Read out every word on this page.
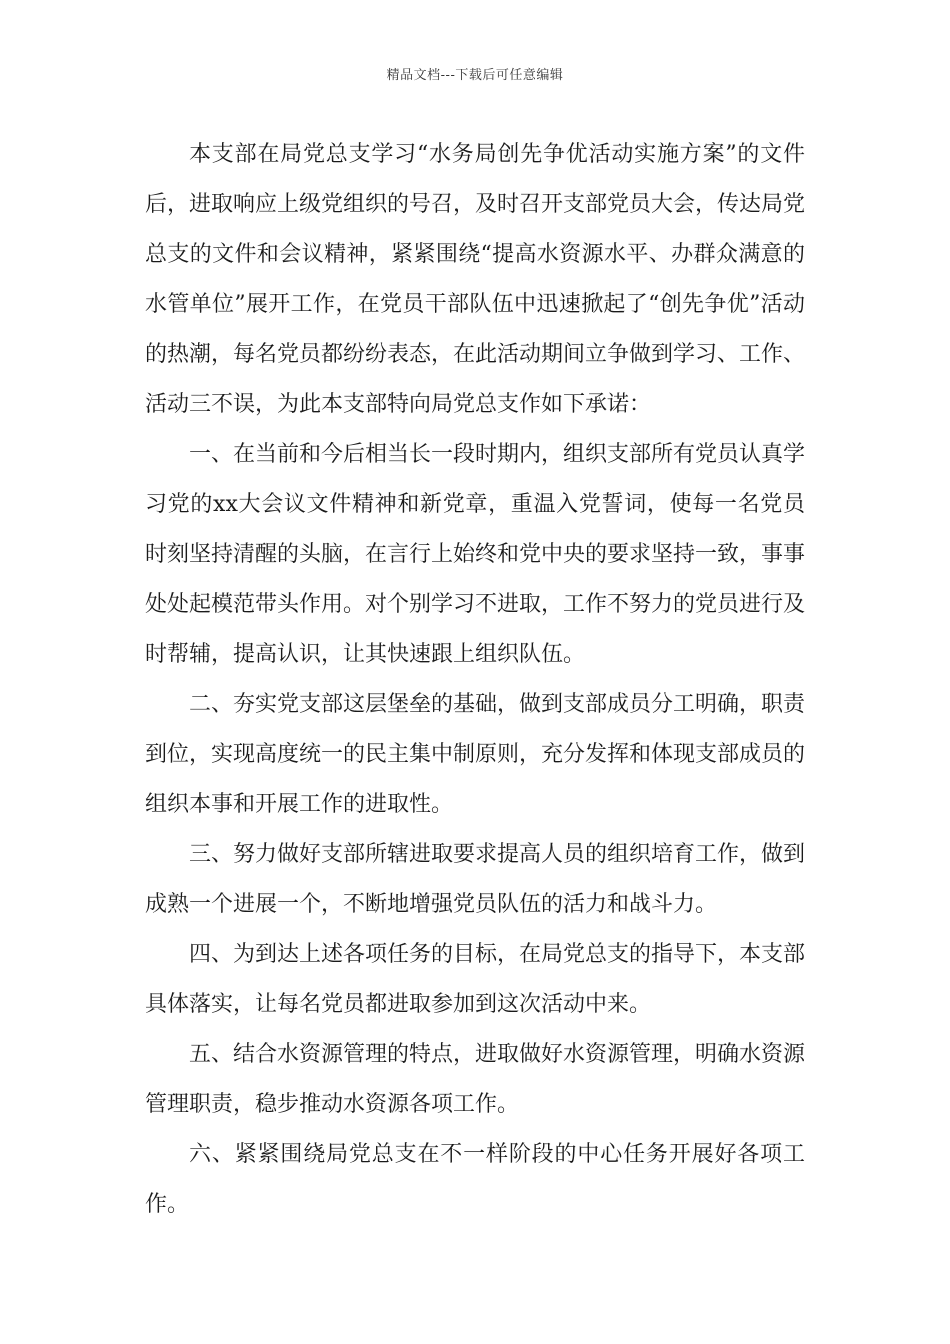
精品文档---下载后可任意编辑

本支部在局党总支学习“水务局创先争优活动实施方案”的文件后，进取响应上级党组织的号召，及时召开支部党员大会，传达局党总支的文件和会议精神，紧紧围绕“提高水资源水平、办群众满意的水管单位”展开工作，在党员干部队伍中迅速掀起了“创先争优”活动的热潮，每名党员都纷纷表态，在此活动期间立争做到学习、工作、活动三不误，为此本支部特向局党总支作如下承诺：

一、在当前和今后相当长一段时期内，组织支部所有党员认真学习党的xx大会议文件精神和新党章，重温入党誓词，使每一名党员时刻坚持清醒的头脑，在言行上始终和党中央的要求坚持一致，事事处处起模范带头作用。对个别学习不进取，工作不努力的党员进行及时帮辅，提高认识，让其快速跟上组织队伍。

二、夯实党支部这层堡垒的基础，做到支部成员分工明确，职责到位，实现高度统一的民主集中制原则，充分发挥和体现支部成员的组织本事和开展工作的进取性。

三、努力做好支部所辖进取要求提高人员的组织培育工作，做到成熟一个进展一个，不断地增强党员队伍的活力和战斗力。

四、为到达上述各项任务的目标，在局党总支的指导下，本支部具体落实，让每名党员都进取参加到这次活动中来。

五、结合水资源管理的特点，进取做好水资源管理，明确水资源管理职责，稳步推动水资源各项工作。

六、紧紧围绕局党总支在不一样阶段的中心任务开展好各项工作。
